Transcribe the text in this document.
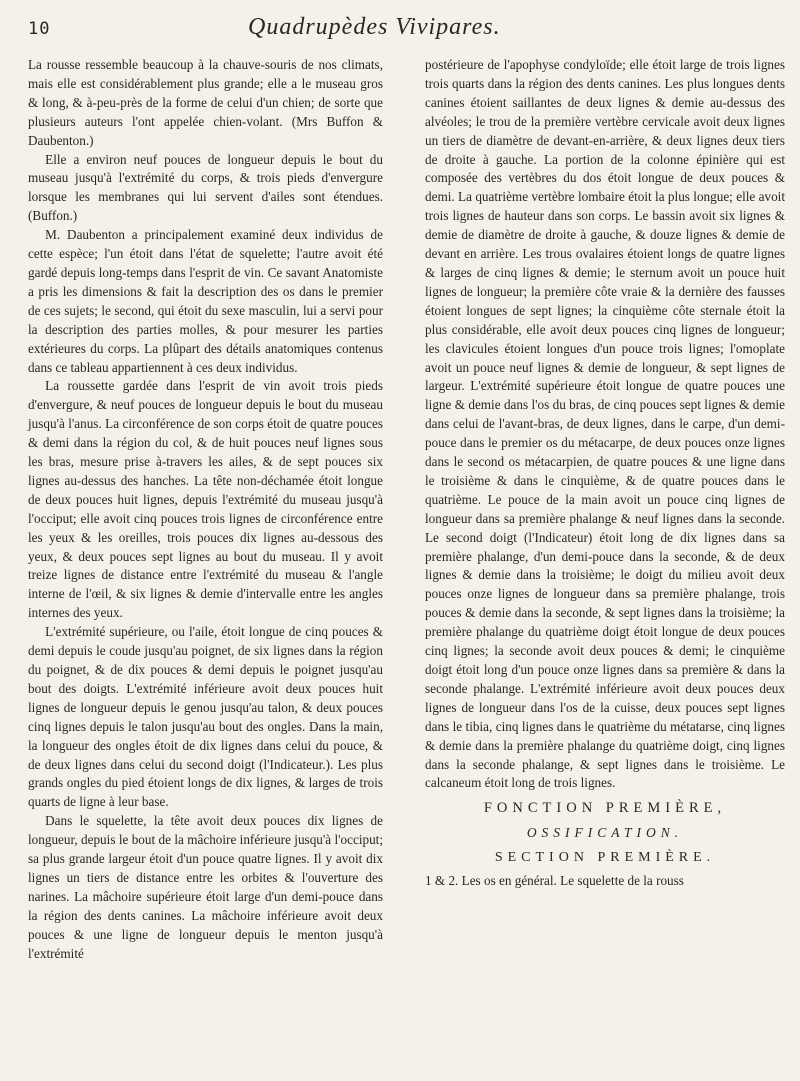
10	Quadrupèdes Vivipares.

La rousse ressemble beaucoup à la chauve-souris de nos climats, mais elle est considérablement plus grande; elle a le museau gros & long, & à-peu-près de la forme de celui d'un chien; de sorte que plusieurs auteurs l'ont appelée chien-volant. (Mrs Buffon & Daubenton.)

Elle a environ neuf pouces de longueur depuis le bout du museau jusqu'à l'extrémité du corps, & trois pieds d'envergure lorsque les membranes qui lui servent d'ailes sont étendues. (Buffon.)

M. Daubenton a principalement examiné deux individus de cette espèce; l'un étoit dans l'état de squelette; l'autre avoit été gardé depuis long-temps dans l'esprit de vin. Ce savant Anatomiste a pris les dimensions & fait la description des os dans le premier de ces sujets; le second, qui étoit du sexe masculin, lui a servi pour la description des parties molles, & pour mesurer les parties extérieures du corps. La plûpart des détails anatomiques contenus dans ce tableau appartiennent à ces deux individus.

La roussette gardée dans l'esprit de vin avoit trois pieds d'envergure, & neuf pouces de longueur depuis le bout du museau jusqu'à l'anus. La circonférence de son corps étoit de quatre pouces & demi dans la région du col, & de huit pouces neuf lignes sous les bras, mesure prise à-travers les ailes, & de sept pouces six lignes au-dessus des hanches. La tête non-déchamée étoit longue de deux pouces huit lignes, depuis l'extrémité du museau jusqu'à l'occiput; elle avoit cinq pouces trois lignes de circonférence entre les yeux & les oreilles, trois pouces dix lignes au-dessous des yeux, & deux pouces sept lignes au bout du museau. Il y avoit treize lignes de distance entre l'extrémité du museau & l'angle interne de l'œil, & six lignes & demie d'intervalle entre les angles internes des yeux.

L'extrémité supérieure, ou l'aile, étoit longue de cinq pouces & demi depuis le coude jusqu'au poignet, de six lignes dans la région du poignet, & de dix pouces & demi depuis le poignet jusqu'au bout des doigts. L'extrémité inférieure avoit deux pouces huit lignes de longueur depuis le genou jusqu'au talon, & deux pouces cinq lignes depuis le talon jusqu'au bout des ongles. Dans la main, la longueur des ongles étoit de dix lignes dans celui du pouce, & de deux lignes dans celui du second doigt (l'Indicateur.). Les plus grands ongles du pied étoient longs de dix lignes, & larges de trois quarts de ligne à leur base.

Dans le squelette, la tête avoit deux pouces dix lignes de longueur, depuis le bout de la mâchoire inférieure jusqu'à l'occiput; sa plus grande largeur étoit d'un pouce quatre lignes. Il y avoit dix lignes un tiers de distance entre les orbites & l'ouverture des narines. La mâchoire supérieure étoit large d'un demi-pouce dans la région des dents canines. La mâchoire inférieure avoit deux pouces & une ligne de longueur depuis le menton jusqu'à l'extrémité

postérieure de l'apophyse condyloïde; elle étoit large de trois lignes trois quarts dans la région des dents canines. Les plus longues dents canines étoient saillantes de deux lignes & demie au-dessus des alvéoles; le trou de la première vertèbre cervicale avoit deux lignes un tiers de diamètre de devant-en-arrière, & deux lignes deux tiers de droite à gauche. La portion de la colonne épinière qui est composée des vertèbres du dos étoit longue de deux pouces & demi. La quatrième vertèbre lombaire étoit la plus longue; elle avoit trois lignes de hauteur dans son corps. Le bassin avoit six lignes & demie de diamètre de droite à gauche, & douze lignes & demie de devant en arrière. Les trous ovalaires étoient longs de quatre lignes & larges de cinq lignes & demie; le sternum avoit un pouce huit lignes de longueur; la première côte vraie & la dernière des fausses étoient longues de sept lignes; la cinquième côte sternale étoit la plus considérable, elle avoit deux pouces cinq lignes de longueur; les clavicules étoient longues d'un pouce trois lignes; l'omoplate avoit un pouce neuf lignes & demie de longueur, & sept lignes de largeur. L'extrémité supérieure étoit longue de quatre pouces une ligne & demie dans l'os du bras, de cinq pouces sept lignes & demie dans celui de l'avant-bras, de deux lignes, dans le carpe, d'un demi-pouce dans le premier os du métacarpe, de deux pouces onze lignes dans le second os métacarpien, de quatre pouces & une ligne dans le troisième & dans le cinquième, & de quatre pouces dans le quatrième. Le pouce de la main avoit un pouce cinq lignes de longueur dans sa première phalange & neuf lignes dans la seconde. Le second doigt (l'Indicateur) étoit long de dix lignes dans sa première phalange, d'un demi-pouce dans la seconde, & de deux lignes & demie dans la troisième; le doigt du milieu avoit deux pouces onze lignes de longueur dans sa première phalange, trois pouces & demie dans la seconde, & sept lignes dans la troisième; la première phalange du quatrième doigt étoit longue de deux pouces cinq lignes; la seconde avoit deux pouces & demi; le cinquième doigt étoit long d'un pouce onze lignes dans sa première & dans la seconde phalange. L'extrémité inférieure avoit deux pouces deux lignes de longueur dans l'os de la cuisse, deux pouces sept lignes dans le tibia, cinq lignes dans le quatrième du métatarse, cinq lignes & demie dans la première phalange du quatrième doigt, cinq lignes dans la seconde phalange, & sept lignes dans le troisième. Le calcaneum étoit long de trois lignes.

FONCTION PREMIÈRE,

OSSIFICATION.

SECTION PREMIÈRE.

1 & 2. Les os en général. Le squelette de la rouss
